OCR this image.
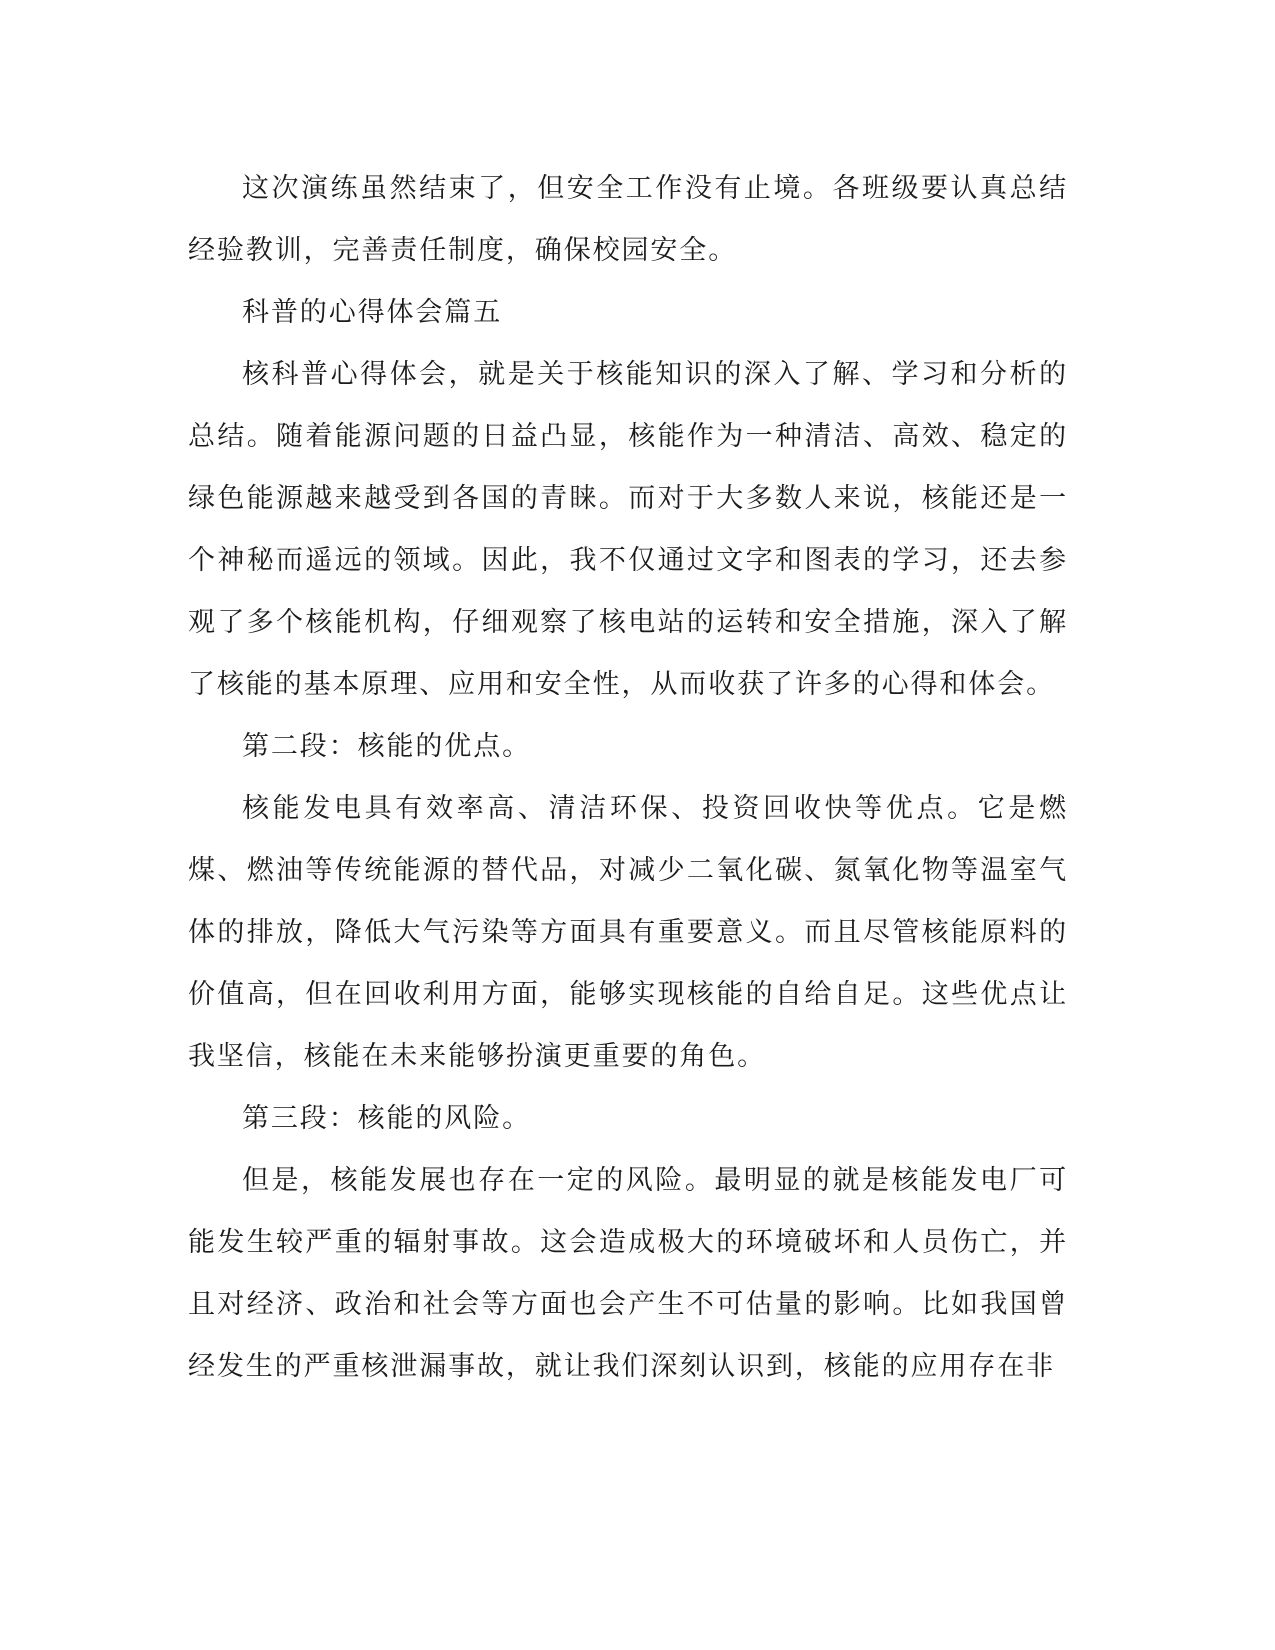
这次演练虽然结束了，但安全工作没有止境。各班级要认真总结经验教训，完善责任制度，确保校园安全。

科普的心得体会篇五

核科普心得体会，就是关于核能知识的深入了解、学习和分析的总结。随着能源问题的日益凸显，核能作为一种清洁、高效、稳定的绿色能源越来越受到各国的青睐。而对于大多数人来说，核能还是一个神秘而遥远的领域。因此，我不仅通过文字和图表的学习，还去参观了多个核能机构，仔细观察了核电站的运转和安全措施，深入了解了核能的基本原理、应用和安全性，从而收获了许多的心得和体会。

第二段：核能的优点。

核能发电具有效率高、清洁环保、投资回收快等优点。它是燃煤、燃油等传统能源的替代品，对减少二氧化碳、氮氧化物等温室气体的排放，降低大气污染等方面具有重要意义。而且尽管核能原料的价值高，但在回收利用方面，能够实现核能的自给自足。这些优点让我坚信，核能在未来能够扮演更重要的角色。

第三段：核能的风险。

但是，核能发展也存在一定的风险。最明显的就是核能发电厂可能发生较严重的辐射事故。这会造成极大的环境破坏和人员伤亡，并且对经济、政治和社会等方面也会产生不可估量的影响。比如我国曾经发生的严重核泄漏事故，就让我们深刻认识到，核能的应用存在非
